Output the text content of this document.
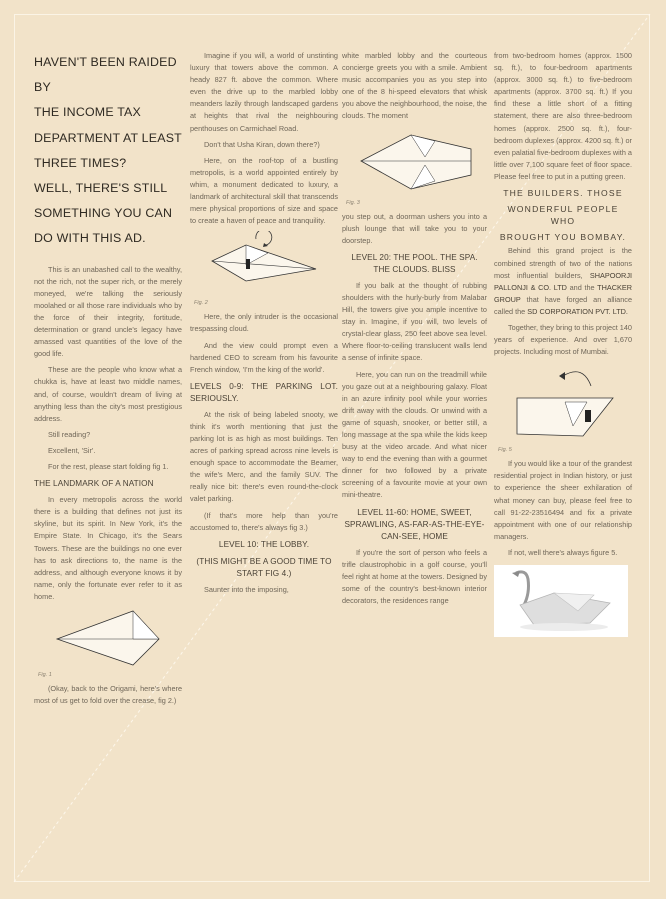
HAVEN'T BEEN RAIDED BY
THE INCOME TAX
DEPARTMENT AT LEAST
THREE TIMES?
WELL, THERE'S STILL
SOMETHING YOU CAN
DO WITH THIS AD.

This is an unabashed call to the wealthy, not the rich, not the super rich, or the merely moneyed, we're talking the seriously moolahed or all those rare individuals who by the force of their integrity, fortitude, determination or grand uncle's legacy have amassed vast quantities of the love of the good life.

These are the people who know what a chukka is, have at least two middle names, and, of course, wouldn't dream of living at anything less than the city's most prestigious address.

Still reading?

Excellent, 'Sir'.

For the rest, please start folding fig 1.

THE LANDMARK OF A NATION

In every metropolis across the world there is a building that defines not just its skyline, but its spirit. In New York, it's the Empire State. In Chicago, it's the Sears Towers. These are the buildings no one ever has to ask directions to, the name is the address, and although everyone knows it by name, only the fortunate ever refer to it as home.

Fig. 1

(Okay, back to the Origami, here's where most of us get to fold over the crease, fig 2.)

Imagine if you will, a world of unstinting luxury that towers above the common. A heady 827 ft. above the common. Where even the drive up to the marbled lobby meanders lazily through landscaped gardens at heights that rival the neighbouring penthouses on Carmichael Road.

Don't that Usha Kiran, down there?)

Here, on the roof-top of a bustling metropolis, is a world appointed entirely by whim, a monument dedicated to luxury, a landmark of architectural skill that transcends mere physical proportions of size and space to create a haven of peace and tranquility.

Fig. 2

Here, the only intruder is the occasional trespassing cloud.

And the view could prompt even a hardened CEO to scream from his favourite French window, 'I'm the king of the world'.

LEVELS 0-9: THE PARKING LOT. SERIOUSLY.

At the risk of being labeled snooty, we think it's worth mentioning that just the parking lot is as high as most buildings. Ten acres of parking spread across nine levels is enough space to accommodate the Beamer, the wife's Merc, and the family SUV. The really nice bit: there's even round-the-clock valet parking.

(If that's more help than you're accustomed to, there's always fig 3.)

LEVEL 10: THE LOBBY.
(THIS MIGHT BE A GOOD TIME TO START FIG 4.)

Saunter into the imposing,

white marbled lobby and the courteous concierge greets you with a smile. Ambient music accompanies you as you step into one of the 8 hi-speed elevators that whisk you above the neighbourhood, the noise, the clouds. The moment

Fig. 3

you step out, a doorman ushers you into a plush lounge that will take you to your doorstep.

LEVEL 20: THE POOL. THE SPA. THE CLOUDS. BLISS

If you balk at the thought of rubbing shoulders with the hurly-burly from Malabar Hill, the towers give you ample incentive to stay in. Imagine, if you will, two levels of crystal-clear glass, 250 feet above sea level. Where floor-to-ceiling translucent walls lend a sense of infinite space.

Here, you can run on the treadmill while you gaze out at a neighbouring galaxy. Float in an azure infinity pool while your worries drift away with the clouds. Or unwind with a game of squash, snooker, or better still, a long massage at the spa while the kids keep busy at the video arcade. And what nicer way to end the evening than with a gourmet dinner for two followed by a private screening of a favourite movie at your own mini-theatre.

LEVEL 11-60: HOME, SWEET, SPRAWLING, AS-FAR-AS-THE-EYE-CAN-SEE, HOME

If you're the sort of person who feels a trifle claustrophobic in a golf course, you'll feel right at home at the towers. Designed by some of the country's best-known interior decorators, the residences range

from two-bedroom homes (approx. 1500 sq. ft.), to four-bedroom apartments (approx. 3000 sq. ft.) to five-bedroom apartments (approx. 3700 sq. ft.) If you find these a little short of a fitting statement, there are also three-bedroom homes (approx. 2500 sq. ft.), four-bedroom duplexes (approx. 4200 sq. ft.) or even palatial five-bedroom duplexes with a little over 7,100 square feet of floor space. Please feel free to put in a putting green.

THE BUILDERS. THOSE
WONDERFUL PEOPLE WHO
BROUGHT YOU BOMBAY.

Behind this grand project is the combined strength of two of the nations most influential builders, SHAPOORJI PALLONJI & CO. LTD and the THACKER GROUP that have forged an alliance called the SD CORPORATION PVT. LTD.

Together, they bring to this project 140 years of experience. And over 1,670 projects. Including most of Mumbai.

Fig. 5

If you would like a tour of the grandest residential project in Indian history, or just to experience the sheer exhilaration of what money can buy, please feel free to call 91-22-23516494 and fix a private appointment with one of our relationship managers.

If not, well there's always figure 5.
